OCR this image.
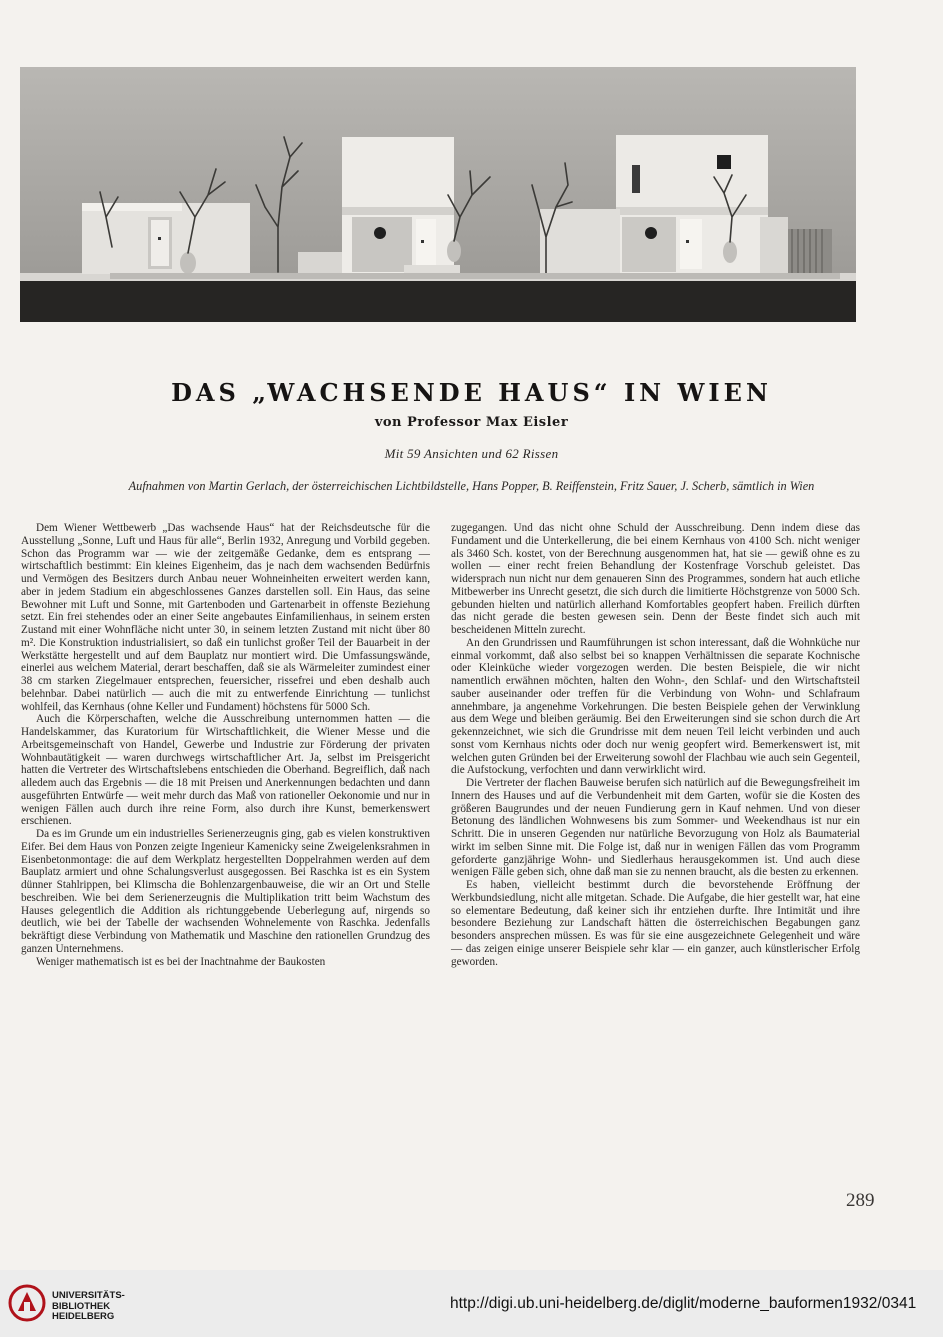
DAS „WACHSENDE HAUS“ IN WIEN
von Professor Max Eisler
Mit 59 Ansichten und 62 Rissen
Aufnahmen von Martin Gerlach, der österreichischen Lichtbildstelle, Hans Popper, B. Reiffenstein, Fritz Sauer, J. Scherb, sämtlich in Wien

Dem Wiener Wettbewerb „Das wachsende Haus“ hat der Reichsdeutsche für die Ausstellung „Sonne, Luft und Haus für alle“, Berlin 1932, Anregung und Vorbild gegeben. Schon das Programm war — wie der zeitgemäße Gedanke, dem es entsprang — wirtschaftlich bestimmt: Ein kleines Eigenheim, das je nach dem wachsenden Bedürfnis und Vermögen des Besitzers durch Anbau neuer Wohneinheiten erweitert werden kann, aber in jedem Stadium ein abgeschlossenes Ganzes darstellen soll. Ein Haus, das seine Bewohner mit Luft und Sonne, mit Gartenboden und Gartenarbeit in offenste Beziehung setzt. Ein frei stehendes oder an einer Seite angebautes Einfamilienhaus, in seinem ersten Zustand mit einer Wohnfläche nicht unter 30, in seinem letzten Zustand mit nicht über 80 m². Die Konstruktion industrialisiert, so daß ein tunlichst großer Teil der Bauarbeit in der Werkstätte hergestellt und auf dem Bauplatz nur montiert wird. Die Umfassungswände, einerlei aus welchem Material, derart beschaffen, daß sie als Wärmeleiter zumindest einer 38 cm starken Ziegelmauer entsprechen, feuersicher, rissefrei und eben deshalb auch belehnbar. Dabei natürlich — auch die mit zu entwerfende Einrichtung — tunlichst wohlfeil, das Kernhaus (ohne Keller und Fundament) höchstens für 5000 Sch.

Auch die Körperschaften, welche die Ausschreibung unternommen hatten — die Handelskammer, das Kuratorium für Wirtschaftlichkeit, die Wiener Messe und die Arbeitsgemeinschaft von Handel, Gewerbe und Industrie zur Förderung der privaten Wohnbautätigkeit — waren durchwegs wirtschaftlicher Art. Ja, selbst im Preisgericht hatten die Vertreter des Wirtschaftslebens entschieden die Oberhand. Begreiflich, daß nach alledem auch das Ergebnis — die 18 mit Preisen und Anerkennungen bedachten und dann ausgeführten Entwürfe — weit mehr durch das Maß von rationeller Oekonomie und nur in wenigen Fällen auch durch ihre reine Form, also durch ihre Kunst, bemerkenswert erschienen.

Da es im Grunde um ein industrielles Serienerzeugnis ging, gab es vielen konstruktiven Eifer. Bei dem Haus von Ponzen zeigte Ingenieur Kamenicky seine Zweigelenksrahmen in Eisenbetonmontage: die auf dem Werkplatz hergestellten Doppelrahmen werden auf dem Bauplatz armiert und ohne Schalungsverlust ausgegossen. Bei Raschka ist es ein System dünner Stahlrippen, bei Klimscha die Bohlenzargenbauweise, die wir an Ort und Stelle beschreiben. Wie bei dem Serienerzeugnis die Multiplikation tritt beim Wachstum des Hauses gelegentlich die Addition als richtunggebende Ueberlegung auf, nirgends so deutlich, wie bei der Tabelle der wachsenden Wohnelemente von Raschka. Jedenfalls bekräftigt diese Verbindung von Mathematik und Maschine den rationellen Grundzug des ganzen Unternehmens.

Weniger mathematisch ist es bei der Inachtnahme der Baukosten

zugegangen. Und das nicht ohne Schuld der Ausschreibung. Denn indem diese das Fundament und die Unterkellerung, die bei einem Kernhaus von 4100 Sch. nicht weniger als 3460 Sch. kostet, von der Berechnung ausgenommen hat, hat sie — gewiß ohne es zu wollen — einer recht freien Behandlung der Kostenfrage Vorschub geleistet. Das widersprach nun nicht nur dem genaueren Sinn des Programmes, sondern hat auch etliche Mitbewerber ins Unrecht gesetzt, die sich durch die limitierte Höchstgrenze von 5000 Sch. gebunden hielten und natürlich allerhand Komfortables geopfert haben. Freilich dürften das nicht gerade die besten gewesen sein. Denn der Beste findet sich auch mit bescheidenen Mitteln zurecht.

An den Grundrissen und Raumführungen ist schon interessant, daß die Wohnküche nur einmal vorkommt, daß also selbst bei so knappen Verhältnissen die separate Kochnische oder Kleinküche wieder vorgezogen werden. Die besten Beispiele, die wir nicht namentlich erwähnen möchten, halten den Wohn-, den Schlaf- und den Wirtschaftsteil sauber auseinander oder treffen für die Verbindung von Wohn- und Schlafraum annehmbare, ja angenehme Vorkehrungen. Die besten Beispiele gehen der Verwinklung aus dem Wege und bleiben geräumig. Bei den Erweiterungen sind sie schon durch die Art gekennzeichnet, wie sich die Grundrisse mit dem neuen Teil leicht verbinden und auch sonst vom Kernhaus nichts oder doch nur wenig geopfert wird. Bemerkenswert ist, mit welchen guten Gründen bei der Erweiterung sowohl der Flachbau wie auch sein Gegenteil, die Aufstockung, verfochten und dann verwirklicht wird.

Die Vertreter der flachen Bauweise berufen sich natürlich auf die Bewegungsfreiheit im Innern des Hauses und auf die Verbundenheit mit dem Garten, wofür sie die Kosten des größeren Baugrundes und der neuen Fundierung gern in Kauf nehmen. Und von dieser Betonung des ländlichen Wohnwesens bis zum Sommer- und Weekendhaus ist nur ein Schritt. Die in unseren Gegenden nur natürliche Bevorzugung von Holz als Baumaterial wirkt im selben Sinne mit. Die Folge ist, daß nur in wenigen Fällen das vom Programm geforderte ganzjährige Wohn- und Siedlerhaus herausgekommen ist. Und auch diese wenigen Fälle geben sich, ohne daß man sie zu nennen braucht, als die besten zu erkennen.

Es haben, vielleicht bestimmt durch die bevorstehende Eröffnung der Werkbundsiedlung, nicht alle mitgetan. Schade. Die Aufgabe, die hier gestellt war, hat eine so elementare Bedeutung, daß keiner sich ihr entziehen durfte. Ihre Intimität und ihre besondere Beziehung zur Landschaft hätten die österreichischen Begabungen ganz besonders ansprechen müssen. Es was für sie eine ausgezeichnete Gelegenheit und wäre — das zeigen einige unserer Beispiele sehr klar — ein ganzer, auch künstlerischer Erfolg geworden.

289
UNIVERSITÄTS-
BIBLIOTHEK
HEIDELBERG
http://digi.ub.uni-heidelberg.de/diglit/moderne_bauformen1932/0341
